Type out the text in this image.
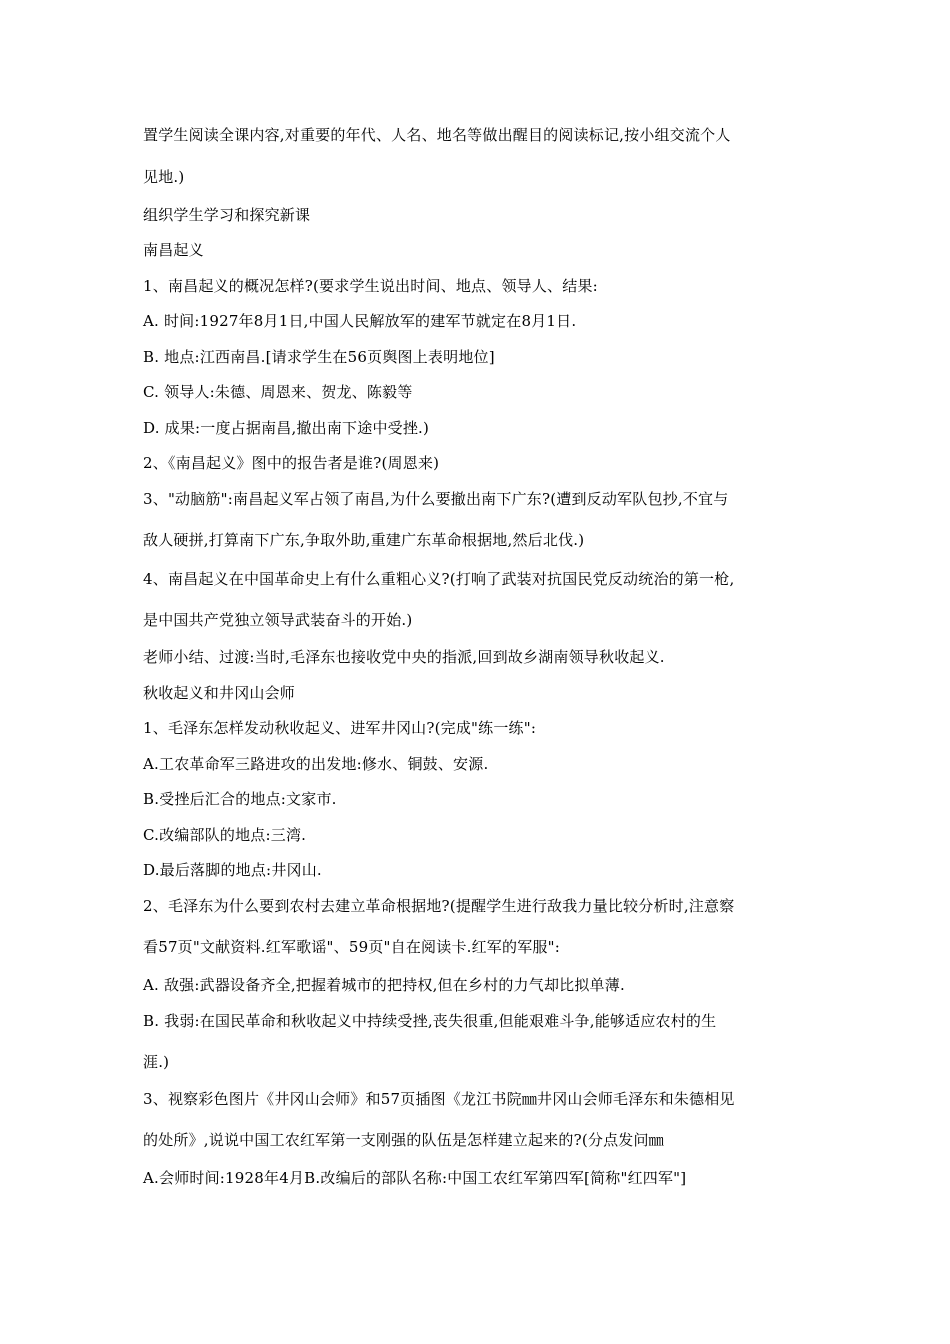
置学生阅读全课内容,对重要的年代、人名、地名等做出醒目的阅读标记,按小组交流个人
见地.)
组织学生学习和探究新课
南昌起义
1、南昌起义的概况怎样?(要求学生说出时间、地点、领导人、结果:
A. 时间:1927年8月1日,中国人民解放军的建军节就定在8月1日.
B. 地点:江西南昌.[请求学生在56页舆图上表明地位]
C. 领导人:朱德、周恩来、贺龙、陈毅等
D. 成果:一度占据南昌,撤出南下途中受挫.)
2、《南昌起义》图中的报告者是谁?(周恩来)
3、"动脑筋":南昌起义军占领了南昌,为什么要撤出南下广东?(遭到反动军队包抄,不宜与
敌人硬拼,打算南下广东,争取外助,重建广东革命根据地,然后北伐.)
4、南昌起义在中国革命史上有什么重粗心义?(打响了武装对抗国民党反动统治的第一枪,
是中国共产党独立领导武装奋斗的开始.)
老师小结、过渡:当时,毛泽东也接收党中央的指派,回到故乡湖南领导秋收起义.
秋收起义和井冈山会师
1、毛泽东怎样发动秋收起义、进军井冈山?(完成"练一练":
A.工农革命军三路进攻的出发地:修水、铜鼓、安源.
B.受挫后汇合的地点:文家市.
C.改编部队的地点:三湾.
D.最后落脚的地点:井冈山.
2、毛泽东为什么要到农村去建立革命根据地?(提醒学生进行敌我力量比较分析时,注意察
看57页"文献资料.红军歌谣"、59页"自在阅读卡.红军的军服":
A. 敌强:武器设备齐全,把握着城市的把持权,但在乡村的力气却比拟单薄.
B. 我弱:在国民革命和秋收起义中持续受挫,丧失很重,但能艰难斗争,能够适应农村的生
涯.)
3、视察彩色图片《井冈山会师》和57页插图《龙江书院㎜井冈山会师毛泽东和朱德相见
的处所》,说说中国工农红军第一支刚强的队伍是怎样建立起来的?(分点发问㎜
A.会师时间:1928年4月B.改编后的部队名称:中国工农红军第四军[简称"红四军"]
